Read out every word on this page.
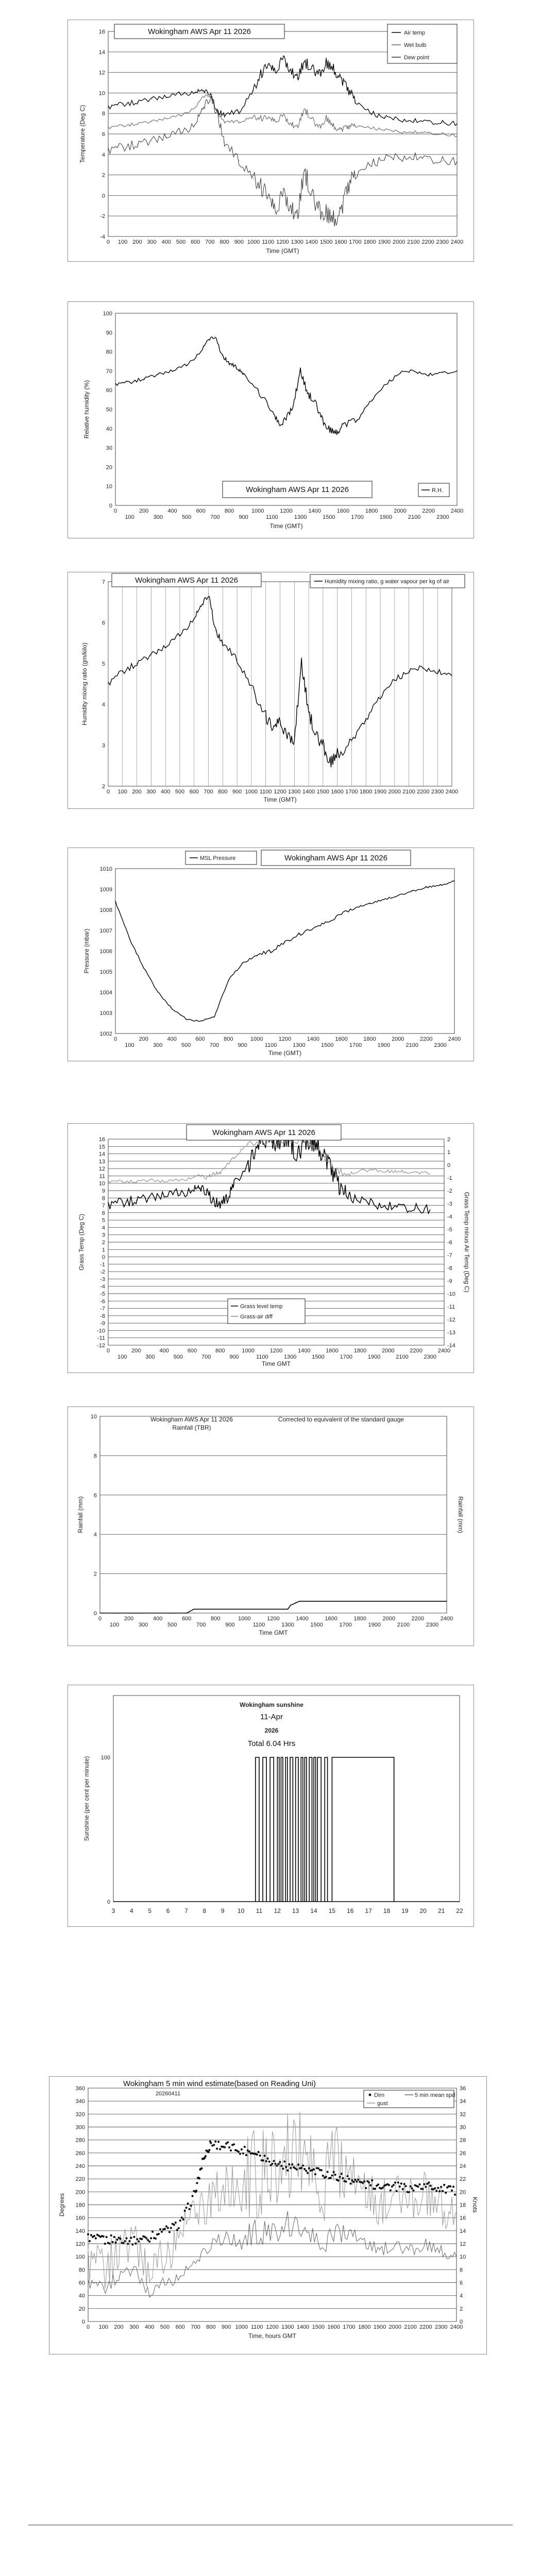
-4
-2
0
2
4
6
8
10
12
14
16
0 100 200 300 400 500 600 700 800 900 1000 1100 1200 1300 1400 1500 1600 1700 1800 1900 2000 2100 2200 2300 2400
Temperature (Deg C)
Time (GMT)
Wokingham AWS Apr 11 2026	Air temp
Wet bulb
Dew point
0
10
20
30
40
50
60
70
80
90
100
0	200	400	600	800	1000	1200	1400	1600	1800	2000	2200	2400
100	300	500	700	900	1100	1300	1500	1700	1900	2100	2300
Relative humidity (%)
Time (GMT)
Wokingham AWS Apr 11 2026	R.H.
2
3
4
5
6
7
0 100 200 300 400 500 600 700 800 900 1000 1100 1200 1300 1400 1500 1600 1700 1800 1900 2000 2100 2200 2300 2400
Humidity mixing ratio (gm/kilo)
Time (GMT)
Wokingham AWS Apr 11 2026	Humidity mixing ratio, g water vapour per kg of air
1002
1003
1004
1005
1006
1007
1008
1009
1010
0	200	400	600	800	1000	1200	1400	1600	1800	2000	2200	2400
100	300	500	700	900	1100	1300	1500	1700	1900	2100	2300
Pressure (mbar)
Time (GMT)
MSL Pressure	Wokingham AWS Apr 11 2026
-12
-11
-10
-9
-8
-7
-6
-5
-4
-3
-2
-1
0
1
2
3
4
5
6
7
8
9
10
11
12
13
14
15
16
-14
-13
-12
-11
-10
-9
-8
-7
-6
-5
-4
-3
-2
-1
0
1
2
0	200	400	600	800	1000	1200	1400	1600	1800	2000	2200	2400
100	300	500	700	900	1100	1300	1500	1700	1900	2100	2300
Grass Temp (Deg C)	Grass Temp minus Air Temp (Deg C)
Time GMT
Wokingham AWS Apr 11 2026
Grass level temp
Grass-air diff
0
2
4
6
8
10
0	200	400	600	800	1000	1200	1400	1600	1800	2000	2200	2400
100	300	500	700	900	1100	1300	1500	1700	1900	2100	2300
Rainfall (mm)	Rainfall (mm)
Time GMT
Wokingham AWS Apr 11 2026
Rainfall (TBR)
Corrected to equivalent of the standard gauge
0
100
Sunshine (per cent per minute)
3 4 5 6 7 8 9 10 11 12 13 14 15 16 17 18 19 20 21 22
Wokingham sunshine
11-Apr
2026
Total 6.04 Hrs
0
20
40
60
80
100
120
140
160
180
200
220
240
260
280
300
320
340
360
0
2
4
6
8
10
12
14
16
18
20
22
24
26
28
30
32
34
36
0 100 200 300 400 500 600 700 800 900 1000 1100 1200 1300 1400 1500 1600 1700 1800 1900 2000 2100 2200 2300 2400
Degrees	Knots
Time, hours GMT
Wokingham 5 min wind estimate(based on Reading Uni)
20260411	Dirn	5 min mean spd
gust
